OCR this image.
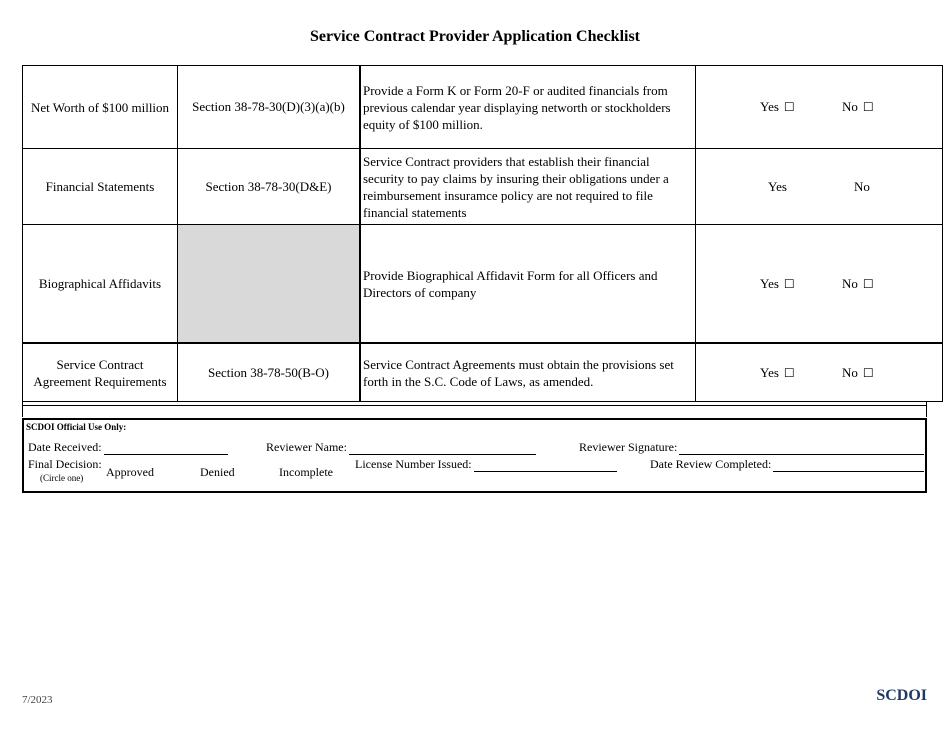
Service Contract Provider Application Checklist
Net Worth of $100 million	Section 38-78-30(D)(3)(a)(b)	Provide a Form K or Form 20-F or audited financials from previous calendar year displaying networth or stockholders equity of $100 million.	Yes ☐ No ☐

Financial Statements	Section 38-78-30(D&E)	Service Contract providers that establish their financial security to pay claims by insuring their obligations under a reimbursement insuramce policy are not required to file financial statements	Yes No

Biographical Affidavits		Provide Biographical Affidavit Form for all Officers and Directors of company	Yes ☐ No ☐

Service Contract Agreement Requirements	Section 38-78-50(B-O)	Service Contract Agreements must obtain the provisions set forth in the S.C. Code of Laws, as amended.	Yes ☐ No ☐
SCDOI Official Use Only:
Date Received:	Reviewer Name:	Reviewer Signature:
Final Decision:
(Circle one) Approved	Denied	Incomplete
License Number Issued:	Date Review Completed:
7/2023	SCDOI
